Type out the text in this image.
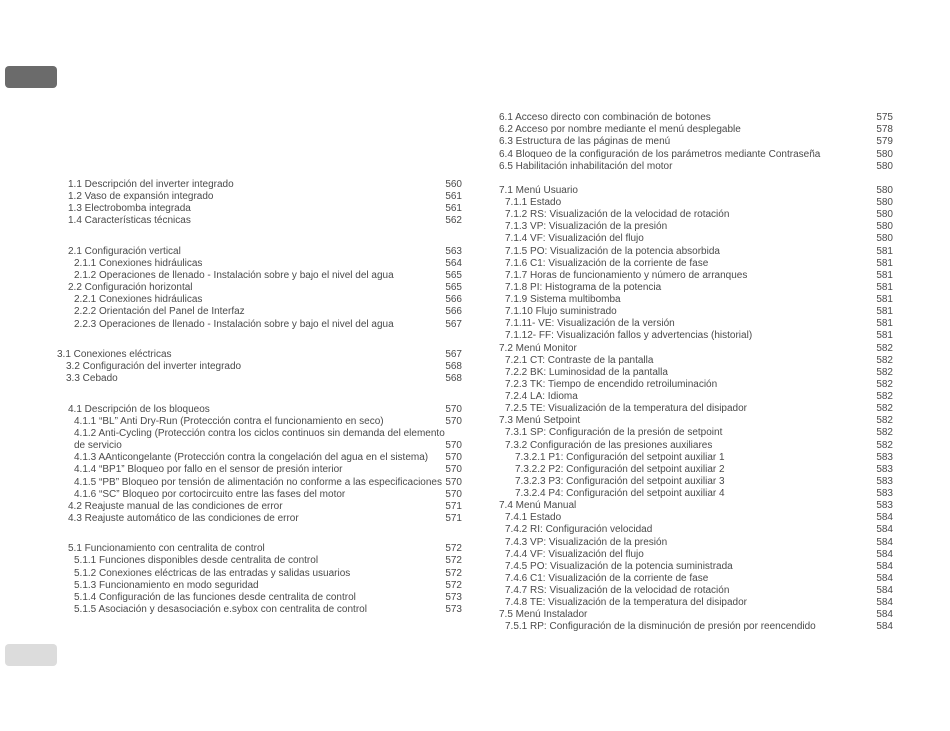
1.1 Descripción del inverter integrado	560
1.2 Vaso de expansión integrado	561
1.3 Electrobomba integrada	561
1.4 Características técnicas	562
2.1 Configuración vertical	563
2.1.1 Conexiones hidráulicas	564
2.1.2 Operaciones de llenado - Instalación sobre y bajo el nivel del agua	565
2.2 Configuración horizontal	565
2.2.1 Conexiones hidráulicas	566
2.2.2 Orientación del Panel de Interfaz	566
2.2.3 Operaciones de llenado - Instalación sobre y bajo el nivel del agua	567
3.1 Conexiones eléctricas	567
3.2 Configuración del inverter integrado	568
3.3 Cebado	568
4.1 Descripción de los bloqueos	570
4.1.1 “BL” Anti Dry-Run (Protección contra el funcionamiento en seco)	570
4.1.2 Anti-Cycling (Protección contra los ciclos continuos sin demanda del elemento
de servicio	570
4.1.3 AAnticongelante (Protección contra la congelación del agua en el sistema) 570
4.1.4 “BP1” Bloqueo por fallo en el sensor de presión interior	570
4.1.5 “PB” Bloqueo por tensión de alimentación no conforme a las especificaciones 570
4.1.6 “SC” Bloqueo por cortocircuito entre las fases del motor	570
4.2 Reajuste manual de las condiciones de error	571
4.3 Reajuste automático de las condiciones de error	571
5.1 Funcionamiento con centralita de control	572
5.1.1 Funciones disponibles desde centralita de control	572
5.1.2 Conexiones eléctricas de las entradas y salidas usuarios	572
5.1.3 Funcionamiento en modo seguridad	572
5.1.4 Configuración de las funciones desde centralita de control	573
5.1.5 Asociación y desasociación e.sybox con centralita de control	573
6.1 Acceso directo con combinación de botones	575
6.2 Acceso por nombre mediante el menú desplegable	578
6.3 Estructura de las páginas de menú	579
6.4 Bloqueo de la configuración de los parámetros mediante Contraseña	580
6.5 Habilitación inhabilitación del motor	580
7.1 Menú Usuario	580
7.1.1 Estado	580
7.1.2 RS: Visualización de la velocidad de rotación	580
7.1.3 VP: Visualización de la presión	580
7.1.4 VF: Visualización del flujo	580
7.1.5 PO: Visualización de la potencia absorbida	581
7.1.6 C1: Visualización de la corriente de fase	581
7.1.7 Horas de funcionamiento y número de arranques	581
7.1.8 PI: Histograma de la potencia	581
7.1.9 Sistema multibomba	581
7.1.10 Flujo suministrado	581
7.1.11- VE: Visualización de la versión	581
7.1.12- FF: Visualización fallos y advertencias (historial)	581
7.2 Menú Monitor	582
7.2.1 CT: Contraste de la pantalla	582
7.2.2 BK: Luminosidad de la pantalla	582
7.2.3 TK: Tiempo de encendido retroiluminación	582
7.2.4 LA: Idioma	582
7.2.5 TE: Visualización de la temperatura del disipador	582
7.3 Menú Setpoint	582
7.3.1 SP: Configuración de la presión de setpoint	582
7.3.2 Configuración de las presiones auxiliares	582
7.3.2.1 P1: Configuración del setpoint auxiliar 1	583
7.3.2.2 P2: Configuración del setpoint auxiliar 2	583
7.3.2.3 P3: Configuración del setpoint auxiliar 3	583
7.3.2.4 P4: Configuración del setpoint auxiliar 4	583
7.4 Menú Manual	583
7.4.1 Estado	584
7.4.2 RI: Configuración velocidad	584
7.4.3 VP: Visualización de la presión	584
7.4.4 VF: Visualización del flujo	584
7.4.5 PO: Visualización de la potencia suministrada	584
7.4.6 C1: Visualización de la corriente de fase	584
7.4.7 RS: Visualización de la velocidad de rotación	584
7.4.8 TE: Visualización de la temperatura del disipador	584
7.5 Menú Instalador	584
7.5.1 RP: Configuración de la disminución de presión por reencendido	584
